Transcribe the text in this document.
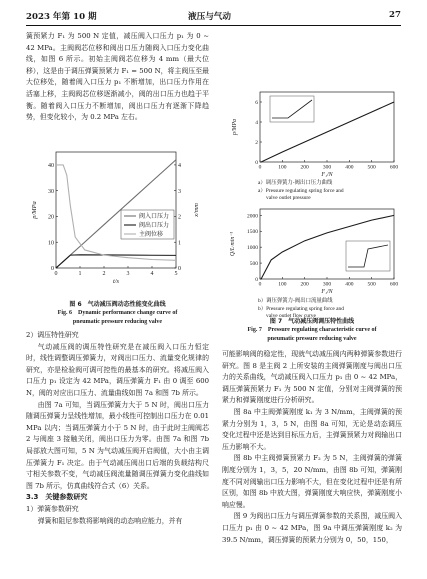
2023 年第 10 期	液压与气动	27

簧预紧力 F₁ 为 500 N 定值，减压阀入口压力 p₁ 为 0 ~ 42 MPa。主阀阀芯位移和阀出口压力随阀入口压力变化曲线，如图 6 所示。初始主阀阀芯位移为 4 mm（最大位移），这是由于调压弹簧预紧力 F₁ = 500 N，将主阀压至最大位移处，随着阀入口压力 p₁ 不断增加，出口压力作用在活塞上移，主阀阀芯位移逐渐减小，阀的出口压力也趋于平衡。随着阀入口压力不断增加，阀出口压力有逐渐下降趋势，但变化较小，为 0.2 MPa 左右。

0	1	2	3	4	5
0
10
20
30
40
0
1
2
3
4
t/s
p/MPa	x/mm
阀入口压力
阀出口压力
主阀位移
图 6　气动减压阀动态性能变化曲线
Fig. 6　Dynamic performance change curve of
pneumatic pressure reducing valve

2）调压特性研究

气动减压阀的调压特性研究是在减压阀入口压力恒定时，线性调整调压弹簧力，对阀出口压力、流量变化规律的研究，亦是检验阀可调可控性的最基本的研究。将减压阀入口压力 p₁ 设定为 42 MPa，调压弹簧力 F₁ 由 0 调至 600 N，阀的对应出口压力、流量曲线如图 7a 和图 7b 所示。

由图 7a 可知，当调压弹簧力大于 5 N 时，阀出口压力随调压弹簧力呈线性增加，最小线性可控制出口压力在 0.01 MPa 以内；当调压弹簧力小于 5 N 时，由于此时主阀阀芯 2 与阀座 3 接触关闭，阀出口压力为零。由图 7a 和图 7b 局部放大图可知，5 N 为气动减压阀开启阀值，大小由主调压弹簧力 F₁ 决定。由于气动减压阀出口后端的负载结构尺寸相关参数不变，气动减压阀流量随调压弹簧力变化曲线如图 7b 所示，仿真曲线符合式（6）关系。

3.3　关键参数研究

1）弹簧参数研究

弹簧和阻尼参数将影响阀的动态响应能力，并有

0	100	200	300	400	500	600
0
2
4
6
F₁/N
p/MPa
a）调压弹簧力-阀出口压力曲线
a）Pressure regulating spring force and
valve outlet pressure
0	100	200	300	400	500	600
0
500
1000
1500
2000
F₁/N
Q/L·min⁻¹
b）调压弹簧力-阀出口流量曲线
b）Pressure regulating spring force and
valve outlet flow curve
图 7　气动减压阀调压特性曲线
Fig. 7　Pressure regulating characteristic curve of
pneumatic pressure reducing valve

可能影响阀的稳定性，现就气动减压阀内两种弹簧参数进行研究。图 8 是主阀 2 上所安装的主阀弹簧刚度与阀出口压力的关系曲线，气动减压阀入口压力 p₁ 由 0 ~ 42 MPa，调压弹簧预紧力 F₁ 为 500 N 定值，分别对主阀弹簧的预紧力和弹簧刚度进行分析研究。

图 8a 中主阀弹簧刚度 k₁ 为 3 N/mm，主阀弹簧的预紧力分别为 1，3，5 N，由图 8a 可知，无论是动态调压变化过程中还是达到目标压力后，主弹簧预紧力对阀输出口压力影响不大。

图 8b 中主阀弹簧预紧力 F₂ 为 5 N，主阀弹簧的弹簧刚度分别为 1，3，5，20 N/mm，由图 8b 可知，弹簧刚度不同对阀输出口压力影响不大，但在变化过程中还是有所区别，如图 8b 中放大图，弹簧刚度大响应快，弹簧刚度小响应慢。

图 9 为阀出口压力与调压弹簧参数的关系图，减压阀入口压力 p₁ 由 0 ~ 42 MPa，图 9a 中调压弹簧刚度 k₂ 为 39.5 N/mm，调压弹簧的预紧力分别为 0，50，150，
